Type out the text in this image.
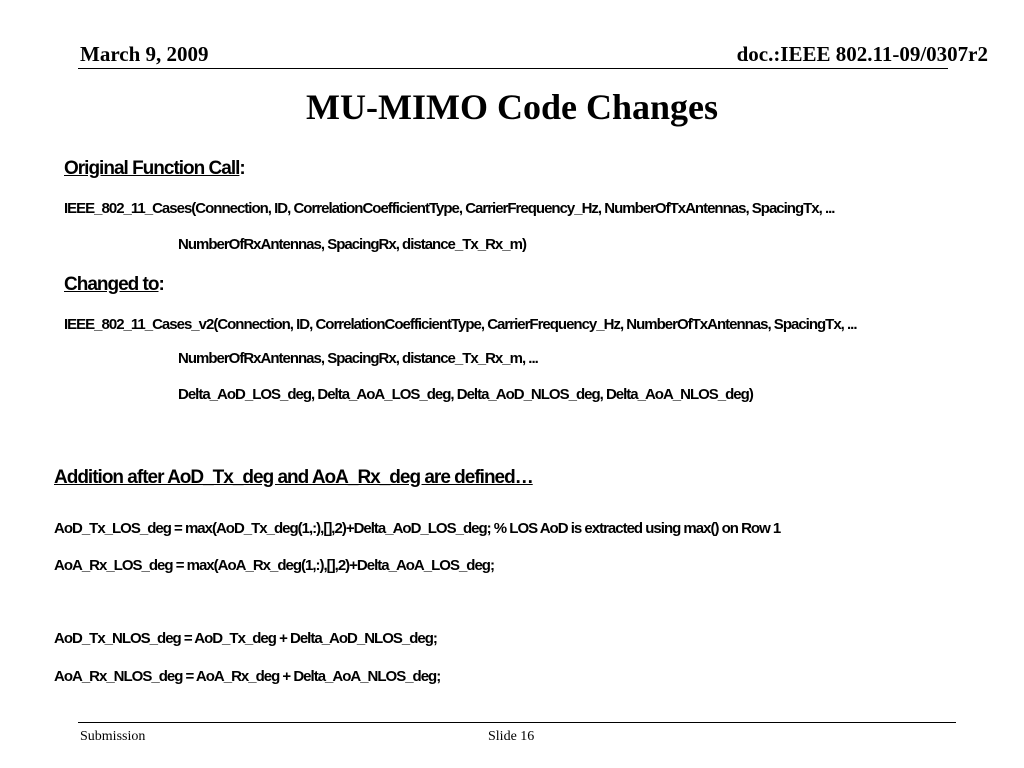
March 9, 2009	doc.:IEEE 802.11-09/0307r2
MU-MIMO Code Changes
Original Function Call:
IEEE_802_11_Cases(Connection, ID, CorrelationCoefficientType, CarrierFrequency_Hz, NumberOfTxAntennas, SpacingTx, ...
NumberOfRxAntennas, SpacingRx, distance_Tx_Rx_m)
Changed to:
IEEE_802_11_Cases_v2(Connection, ID, CorrelationCoefficientType, CarrierFrequency_Hz, NumberOfTxAntennas, SpacingTx, ...
NumberOfRxAntennas, SpacingRx, distance_Tx_Rx_m, ...
Delta_AoD_LOS_deg, Delta_AoA_LOS_deg, Delta_AoD_NLOS_deg, Delta_AoA_NLOS_deg)
Addition after AoD_Tx_deg and AoA_Rx_deg are defined…
AoD_Tx_LOS_deg = max(AoD_Tx_deg(1,:),[],2)+Delta_AoD_LOS_deg; % LOS AoD is extracted using max() on Row 1
AoA_Rx_LOS_deg = max(AoA_Rx_deg(1,:),[],2)+Delta_AoA_LOS_deg;
AoD_Tx_NLOS_deg = AoD_Tx_deg + Delta_AoD_NLOS_deg;
AoA_Rx_NLOS_deg = AoA_Rx_deg + Delta_AoA_NLOS_deg;
Submission	Slide 16
